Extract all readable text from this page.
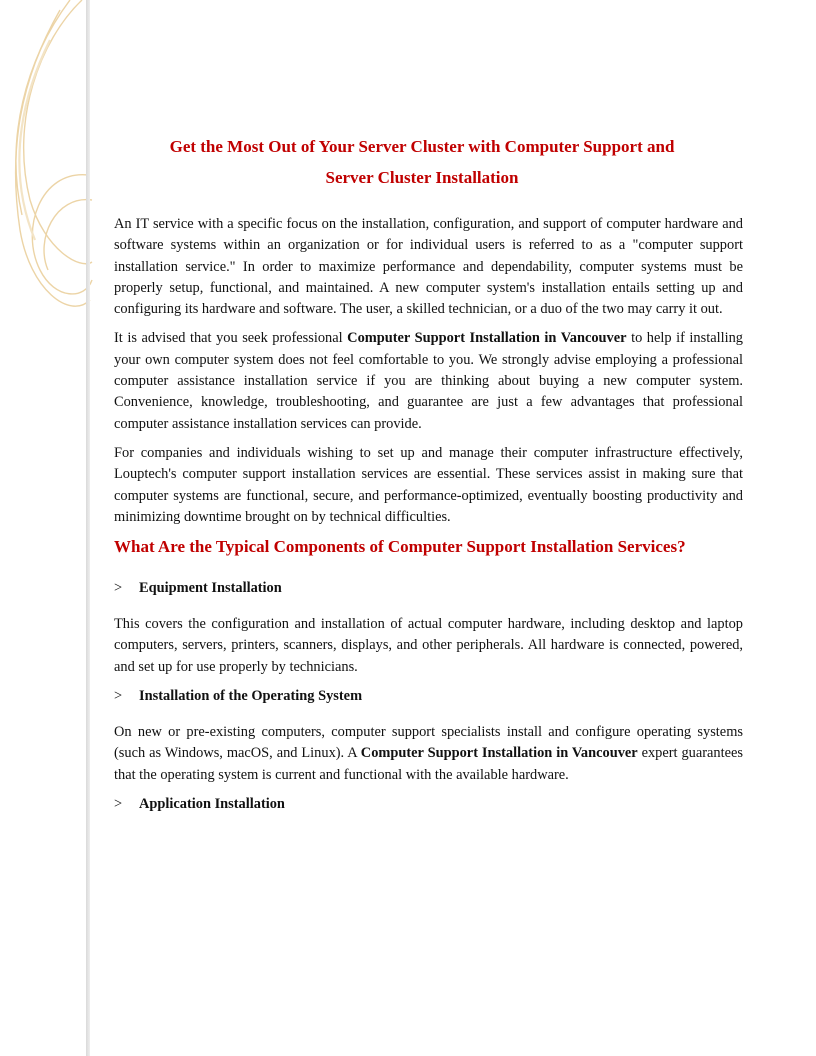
Get the Most Out of Your Server Cluster with Computer Support and
Server Cluster Installation

An IT service with a specific focus on the installation, configuration, and support of computer hardware and software systems within an organization or for individual users is referred to as a "computer support installation service." In order to maximize performance and dependability, computer systems must be properly setup, functional, and maintained. A new computer system's installation entails setting up and configuring its hardware and software. The user, a skilled technician, or a duo of the two may carry it out.

It is advised that you seek professional Computer Support Installation in Vancouver to help if installing your own computer system does not feel comfortable to you. We strongly advise employing a professional computer assistance installation service if you are thinking about buying a new computer system. Convenience, knowledge, troubleshooting, and guarantee are just a few advantages that professional computer assistance installation services can provide.

For companies and individuals wishing to set up and manage their computer infrastructure effectively, Louptech's computer support installation services are essential. These services assist in making sure that computer systems are functional, secure, and performance-optimized, eventually boosting productivity and minimizing downtime brought on by technical difficulties.

What Are the Typical Components of Computer Support Installation Services?
>	Equipment Installation

This covers the configuration and installation of actual computer hardware, including desktop and laptop computers, servers, printers, scanners, displays, and other peripherals. All hardware is connected, powered, and set up for use properly by technicians.

>	Installation of the Operating System

On new or pre-existing computers, computer support specialists install and configure operating systems (such as Windows, macOS, and Linux). A Computer Support Installation in Vancouver expert guarantees that the operating system is current and functional with the available hardware.

>	Application Installation
